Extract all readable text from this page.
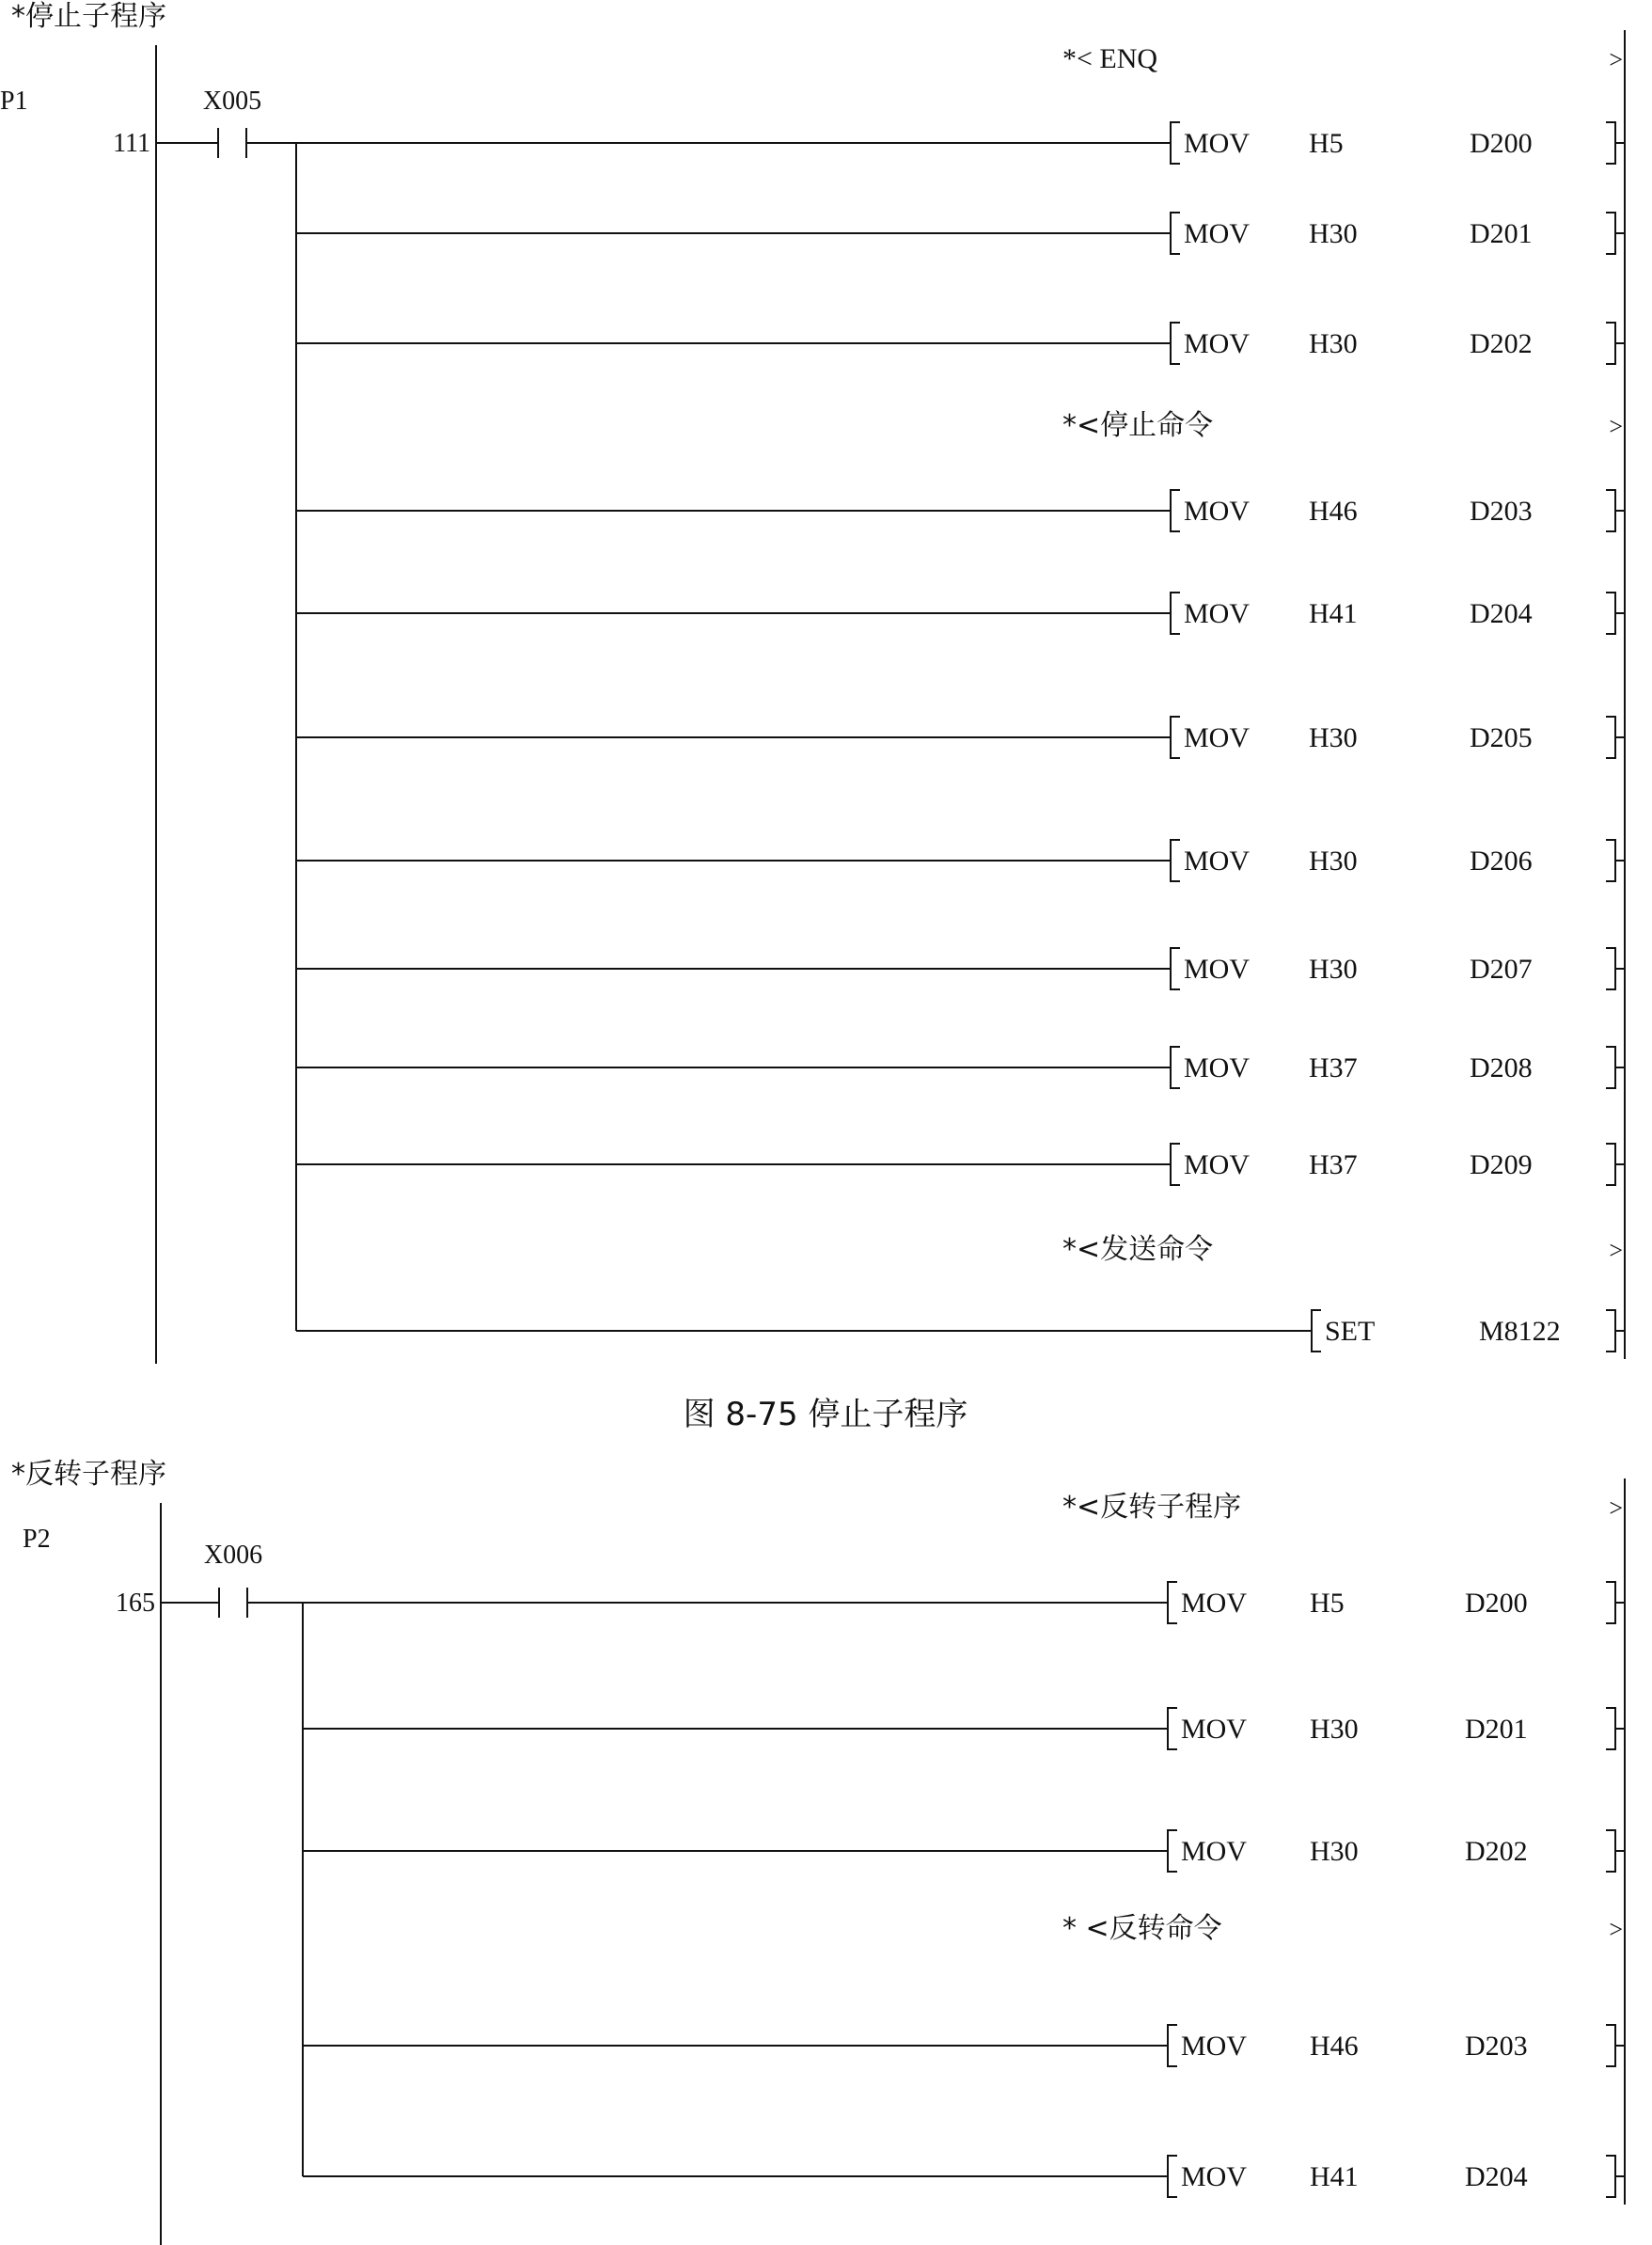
*停止子程序
P1
111
X005
*< ENQ	>
MOV H5	D200
MOV H30	D201
MOV H30	D202
*<停止命令	>
MOV H46	D203
MOV H41	D204
MOV H30	D205
MOV H30	D206
MOV H30	D207
MOV H37	D208
MOV H37	D209
*<发送命令	>
SET	M8122
*反转子程序
P2
165
X006
*<反转子程序	>
MOV H5	D200
MOV H30	D201
MOV H30	D202
* <反转命令	>
MOV H46	D203
MOV H41	D204
图 8-75 停止子程序
